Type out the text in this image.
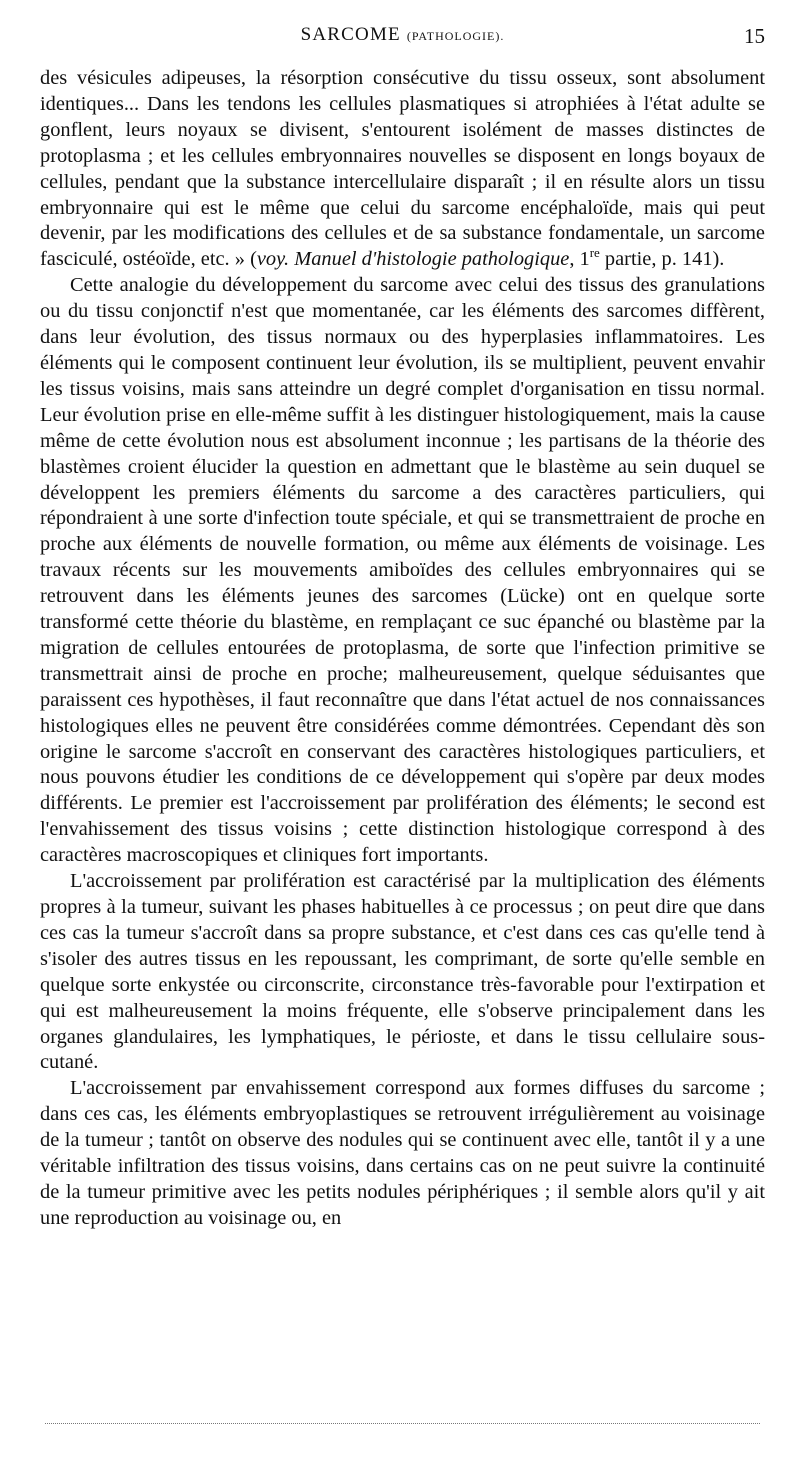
SARCOME (PATHOLOGIE).	15

des vésicules adipeuses, la résorption consécutive du tissu osseux, sont absolument identiques... Dans les tendons les cellules plasmatiques si atrophiées à l'état adulte se gonflent, leurs noyaux se divisent, s'entourent isolément de masses distinctes de protoplasma ; et les cellules embryonnaires nouvelles se disposent en longs boyaux de cellules, pendant que la substance intercellulaire disparaît ; il en résulte alors un tissu embryonnaire qui est le même que celui du sarcome encéphaloïde, mais qui peut devenir, par les modifications des cellules et de sa substance fondamentale, un sarcome fasciculé, ostéoïde, etc. » (voy. Manuel d'histologie pathologique, 1re partie, p. 141).

Cette analogie du développement du sarcome avec celui des tissus des granulations ou du tissu conjonctif n'est que momentanée, car les éléments des sarcomes diffèrent, dans leur évolution, des tissus normaux ou des hyperplasies inflammatoires. Les éléments qui le composent continuent leur évolution, ils se multiplient, peuvent envahir les tissus voisins, mais sans atteindre un degré complet d'organisation en tissu normal. Leur évolution prise en elle-même suffit à les distinguer histologiquement, mais la cause même de cette évolution nous est absolument inconnue ; les partisans de la théorie des blastèmes croient élucider la question en admettant que le blastème au sein duquel se développent les premiers éléments du sarcome a des caractères particuliers, qui répondraient à une sorte d'infection toute spéciale, et qui se transmettraient de proche en proche aux éléments de nouvelle formation, ou même aux éléments de voisinage. Les travaux récents sur les mouvements amiboïdes des cellules embryonnaires qui se retrouvent dans les éléments jeunes des sarcomes (Lücke) ont en quelque sorte transformé cette théorie du blastème, en remplaçant ce suc épanché ou blastème par la migration de cellules entourées de protoplasma, de sorte que l'infection primitive se transmettrait ainsi de proche en proche; malheureusement, quelque séduisantes que paraissent ces hypothèses, il faut reconnaître que dans l'état actuel de nos connaissances histologiques elles ne peuvent être considérées comme démontrées. Cependant dès son origine le sarcome s'accroît en conservant des caractères histologiques particuliers, et nous pouvons étudier les conditions de ce développement qui s'opère par deux modes différents. Le premier est l'accroissement par prolifération des éléments; le second est l'envahissement des tissus voisins ; cette distinction histologique correspond à des caractères macroscopiques et cliniques fort importants.

L'accroissement par prolifération est caractérisé par la multiplication des éléments propres à la tumeur, suivant les phases habituelles à ce processus ; on peut dire que dans ces cas la tumeur s'accroît dans sa propre substance, et c'est dans ces cas qu'elle tend à s'isoler des autres tissus en les repoussant, les comprimant, de sorte qu'elle semble en quelque sorte enkystée ou circonscrite, circonstance très-favorable pour l'extirpation et qui est malheureusement la moins fréquente, elle s'observe principalement dans les organes glandulaires, les lymphatiques, le périoste, et dans le tissu cellulaire sous-cutané.

L'accroissement par envahissement correspond aux formes diffuses du sarcome ; dans ces cas, les éléments embryoplastiques se retrouvent irrégulièrement au voisinage de la tumeur ; tantôt on observe des nodules qui se continuent avec elle, tantôt il y a une véritable infiltration des tissus voisins, dans certains cas on ne peut suivre la continuité de la tumeur primitive avec les petits nodules périphériques ; il semble alors qu'il y ait une reproduction au voisinage ou, en
